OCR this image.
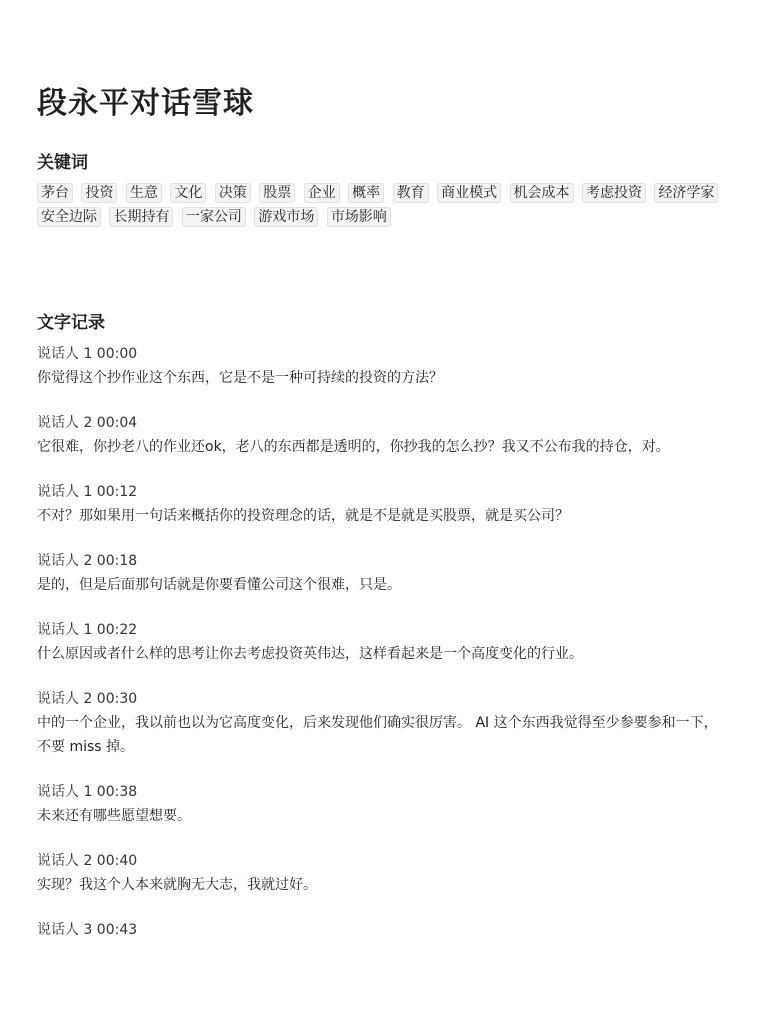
段永平对话雪球
关键词
茅台 投资 生意 文化 决策 股票 企业 概率 教育 商业模式 机会成本 考虑投资 经济学家 安全边际 长期持有 一家公司 游戏市场 市场影响
文字记录
说话人 1 00:00
你觉得这个抄作业这个东西，它是不是一种可持续的投资的方法？
说话人 2 00:04
它很难，你抄老八的作业还ok，老八的东西都是透明的，你抄我的怎么抄？我又不公布我的持仓，对。
说话人 1 00:12
不对？那如果用一句话来概括你的投资理念的话，就是不是就是买股票，就是买公司？
说话人 2 00:18
是的，但是后面那句话就是你要看懂公司这个很难，只是。
说话人 1 00:22
什么原因或者什么样的思考让你去考虑投资英伟达，这样看起来是一个高度变化的行业。
说话人 2 00:30
中的一个企业，我以前也以为它高度变化，后来发现他们确实很厉害。 AI 这个东西我觉得至少参要参和一下，不要 miss 掉。
说话人 1 00:38
未来还有哪些愿望想要。
说话人 2 00:40
实现？我这个人本来就胸无大志，我就过好。
说话人 3 00:43
